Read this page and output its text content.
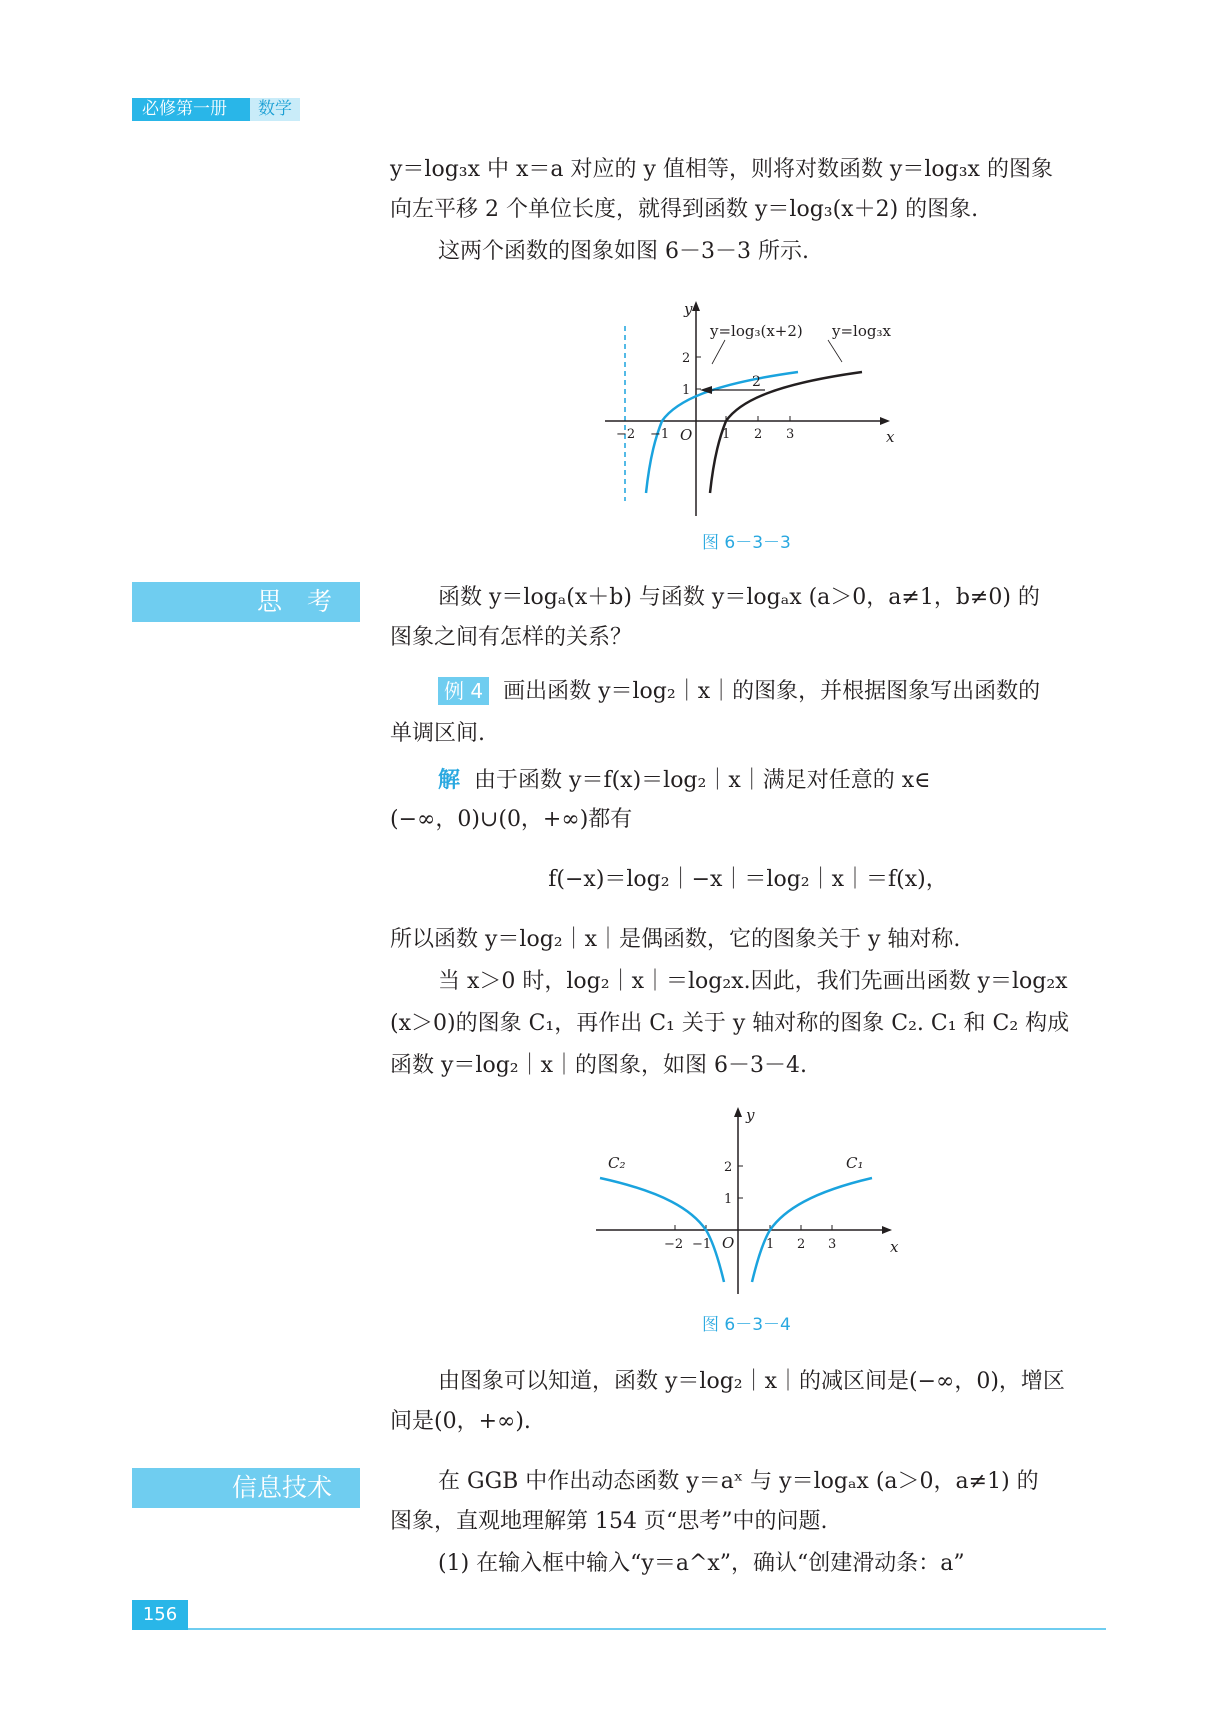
必修第一册	数学
y＝log₃x 中 x＝a 对应的 y 值相等，则将对数函数 y＝log₃x 的图象
向左平移 2 个单位长度，就得到函数 y＝log₃(x＋2) 的图象.
这两个函数的图象如图 6－3－3 所示.
y=log₃(x+2) y=log₃x
2
x
y
O
−2 −1	1 2 3
1
2
图 6－3－3
思　考	函数 y＝logₐ(x＋b) 与函数 y＝logₐx (a＞0，a≠1，b≠0) 的
图象之间有怎样的关系？
例 4 画出函数 y＝log₂｜x｜的图象，并根据图象写出函数的
单调区间.
解 由于函数 y＝f(x)＝log₂｜x｜满足对任意的 x∈
(−∞，0)∪(0，+∞)都有
f(−x)＝log₂｜−x｜＝log₂｜x｜＝f(x)，
所以函数 y＝log₂｜x｜是偶函数，它的图象关于 y 轴对称.
当 x＞0 时，log₂｜x｜＝log₂x.因此，我们先画出函数 y＝log₂x
(x＞0)的图象 C₁，再作出 C₁ 关于 y 轴对称的图象 C₂. C₁ 和 C₂ 构成
函数 y＝log₂｜x｜的图象，如图 6－3－4.
C₂	C₁
x
y
O
−2 −1	1 2 3
1
2
图 6－3－4
由图象可以知道，函数 y＝log₂｜x｜的减区间是(−∞，0)，增区
间是(0，+∞).
信息技术	在 GGB 中作出动态函数 y＝aˣ 与 y＝logₐx (a＞0，a≠1) 的
图象，直观地理解第 154 页“思考”中的问题.
(1) 在输入框中输入“y＝a^x”，确认“创建滑动条：a”
156
